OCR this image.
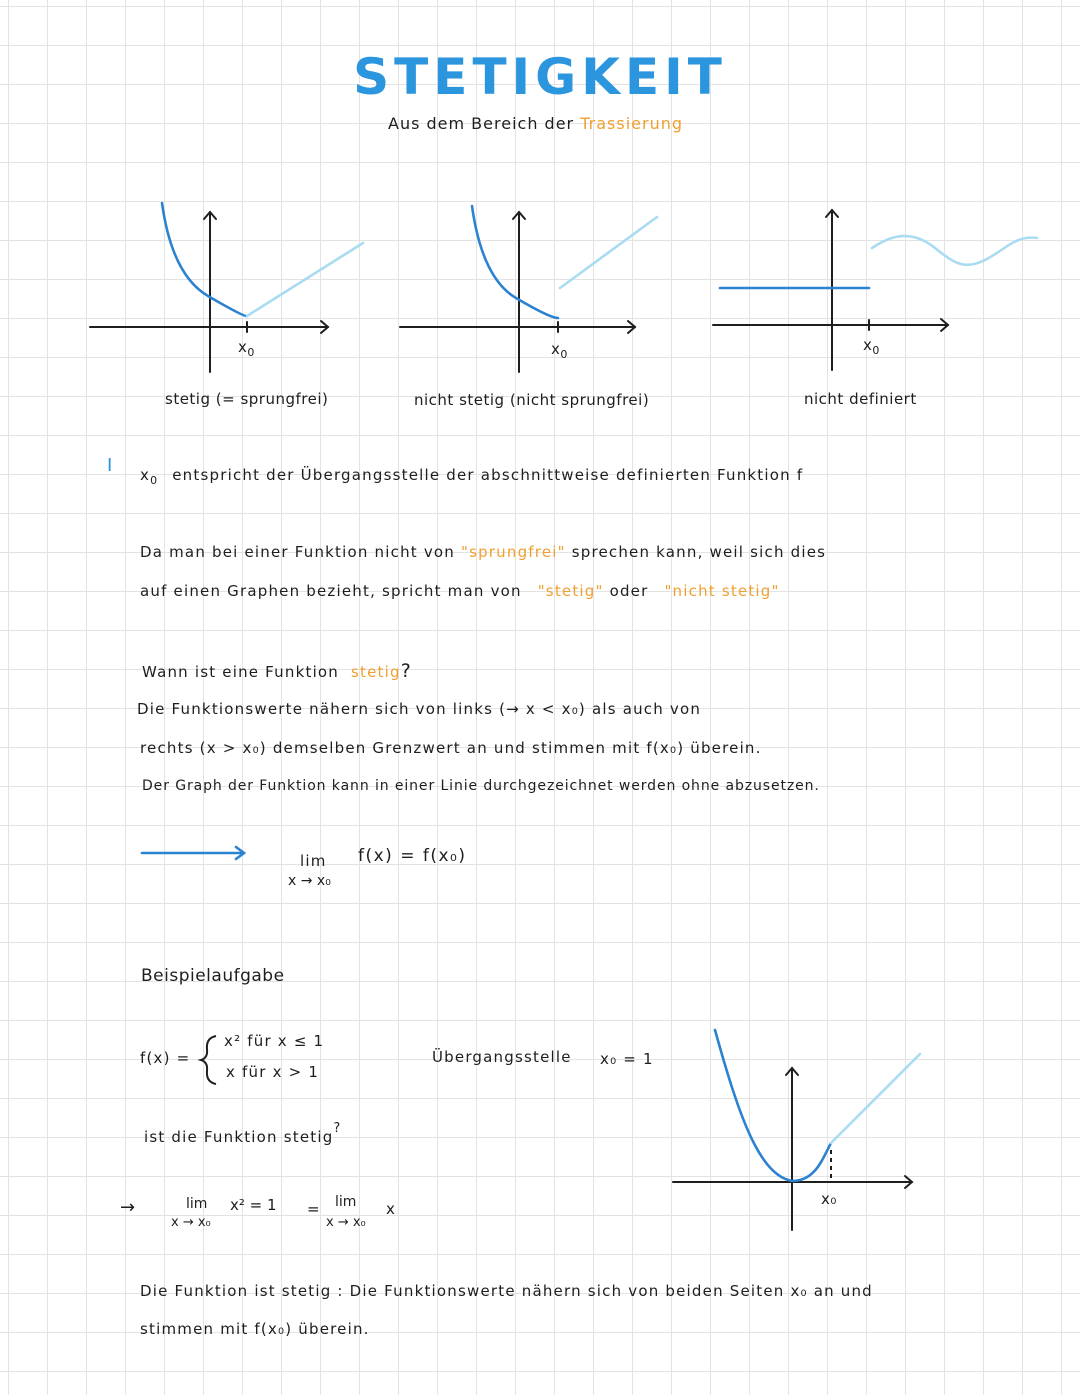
STETIGKEIT
Aus dem Bereich der Trassierung
$x_0$	$x_0$
$x_0$
stetig (= sprungfrei)	nicht stetig (nicht sprungfrei)	nicht definiert
I $x_0$ entspricht der Übergangsstelle der abschnittweise definierten Funktion f
Da man bei einer Funktion nicht von "sprungfrei" sprechen kann, weil sich dies
auf einen Graphen bezieht, spricht man von "stetig" oder "nicht stetig"
Wann ist eine Funktion stetig?
Die Funktionswerte nähern sich von links (→ x < x₀) als auch von
rechts (x > x₀) demselben Grenzwert an und stimmen mit f(x₀) überein.
Der Graph der Funktion kann in einer Linie durchgezeichnet werden ohne abzusetzen.
lim f(x) = f(x₀)
x → x₀
Beispielaufgabe
f(x) =
x² für x ≤ 1
x für x > 1
Übergangsstelle x₀ = 1
ist die Funktion stetig?
→	lim x² = 1
x → x₀
= lim x
x → x₀
x₀
Die Funktion ist stetig : Die Funktionswerte nähern sich von beiden Seiten x₀ an und
stimmen mit f(x₀) überein.
